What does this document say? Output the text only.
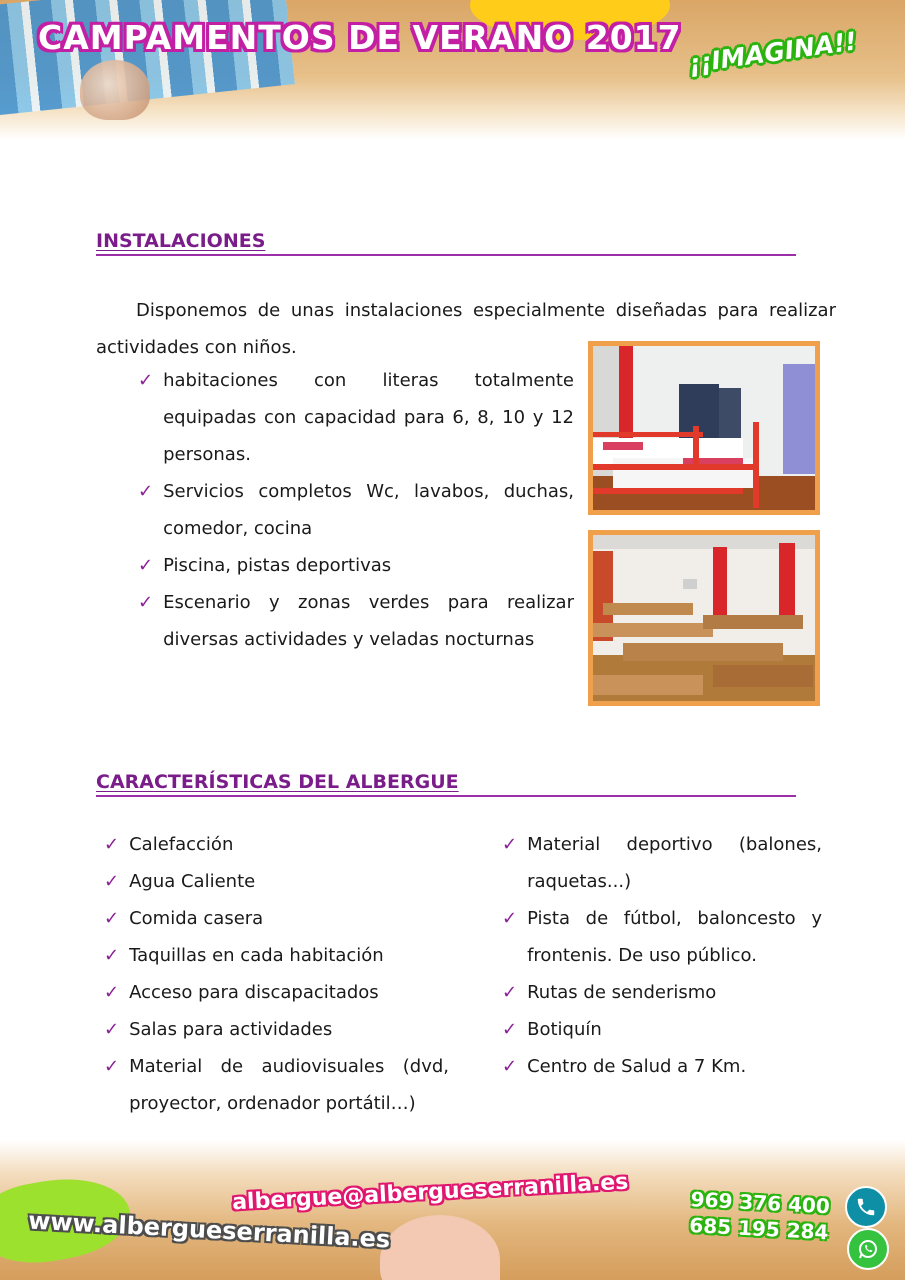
CAMPAMENTOS DE VERANO 2017 ¡¡IMAGINA!!
INSTALACIONES
Disponemos de unas instalaciones especialmente diseñadas para realizar actividades con niños.
✓ habitaciones con literas totalmente equipadas con capacidad para 6, 8, 10 y 12 personas.
✓ Servicios completos Wc, lavabos, duchas, comedor, cocina
✓ Piscina, pistas deportivas
✓ Escenario y zonas verdes para realizar diversas actividades y veladas nocturnas
CARACTERÍSTICAS DEL ALBERGUE
✓ Calefacción
✓ Agua Caliente
✓ Comida casera
✓ Taquillas en cada habitación
✓ Acceso para discapacitados
✓ Salas para actividades
✓ Material de audiovisuales (dvd, proyector, ordenador portátil…)
✓ Material deportivo (balones, raquetas...)
✓ Pista de fútbol, baloncesto y frontenis. De uso público.
✓ Rutas de senderismo
✓ Botiquín
✓ Centro de Salud a 7 Km.
albergue@albergueserranilla.es
www.albergueserranilla.es
969 376 400
685 195 284
